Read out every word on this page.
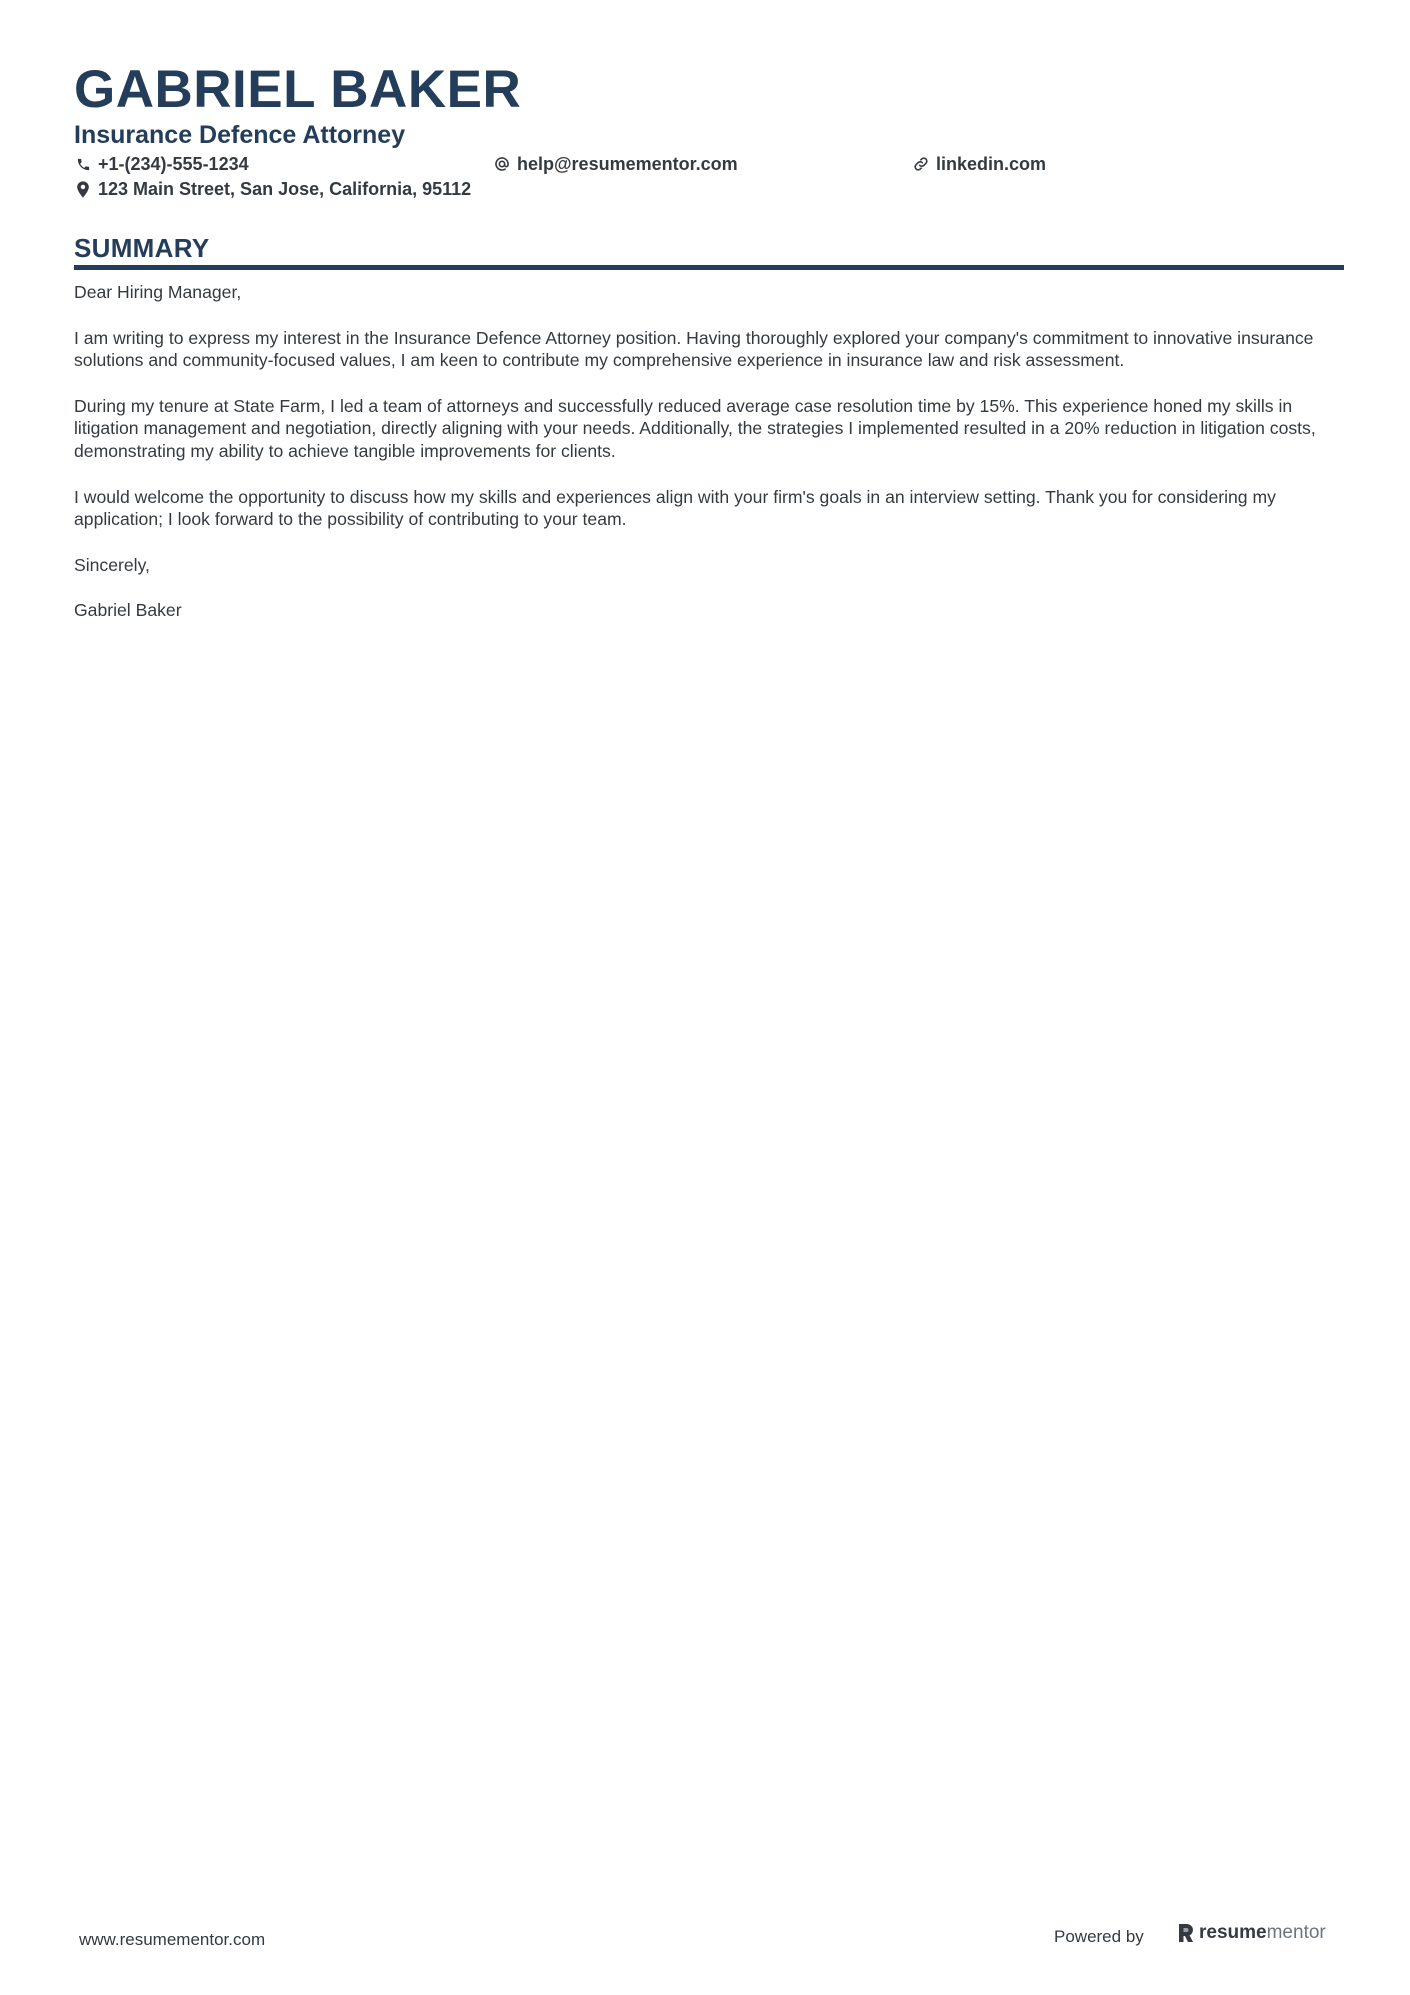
GABRIEL BAKER
Insurance Defence Attorney
+1-(234)-555-1234	help@resumementor.com	linkedin.com
123 Main Street, San Jose, California, 95112
SUMMARY

Dear Hiring Manager,

I am writing to express my interest in the Insurance Defence Attorney position. Having thoroughly explored your company's commitment to innovative insurance solutions and community-focused values, I am keen to contribute my comprehensive experience in insurance law and risk assessment.

During my tenure at State Farm, I led a team of attorneys and successfully reduced average case resolution time by 15%. This experience honed my skills in litigation management and negotiation, directly aligning with your needs. Additionally, the strategies I implemented resulted in a 20% reduction in litigation costs, demonstrating my ability to achieve tangible improvements for clients.

I would welcome the opportunity to discuss how my skills and experiences align with your firm's goals in an interview setting. Thank you for considering my application; I look forward to the possibility of contributing to your team.

Sincerely,

Gabriel Baker

www.resumementor.com	Powered by	resumementor
